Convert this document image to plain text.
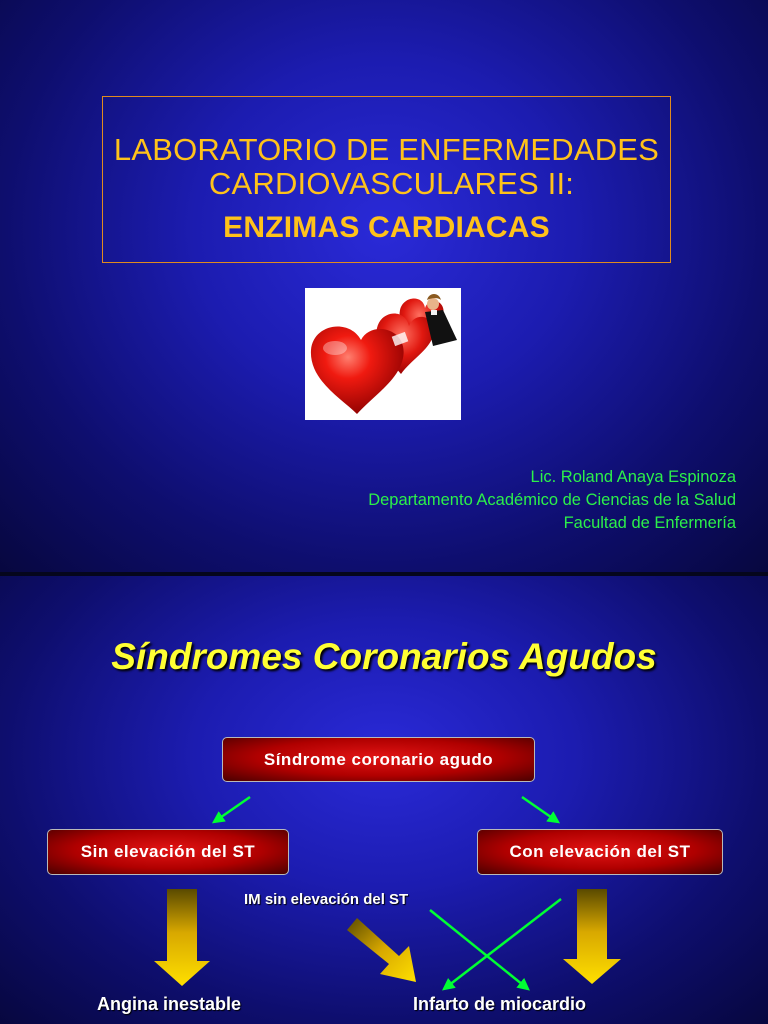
LABORATORIO DE ENFERMEDADES
CARDIOVASCULARES II:
ENZIMAS CARDIACAS
Lic. Roland Anaya Espinoza
Departamento Académico de Ciencias de la Salud
Facultad de Enfermería
Síndromes Coronarios Agudos
Síndrome coronario agudo
Sin elevación del ST	Con elevación del ST
IM sin elevación del ST
Angina inestable	Infarto de miocardio
